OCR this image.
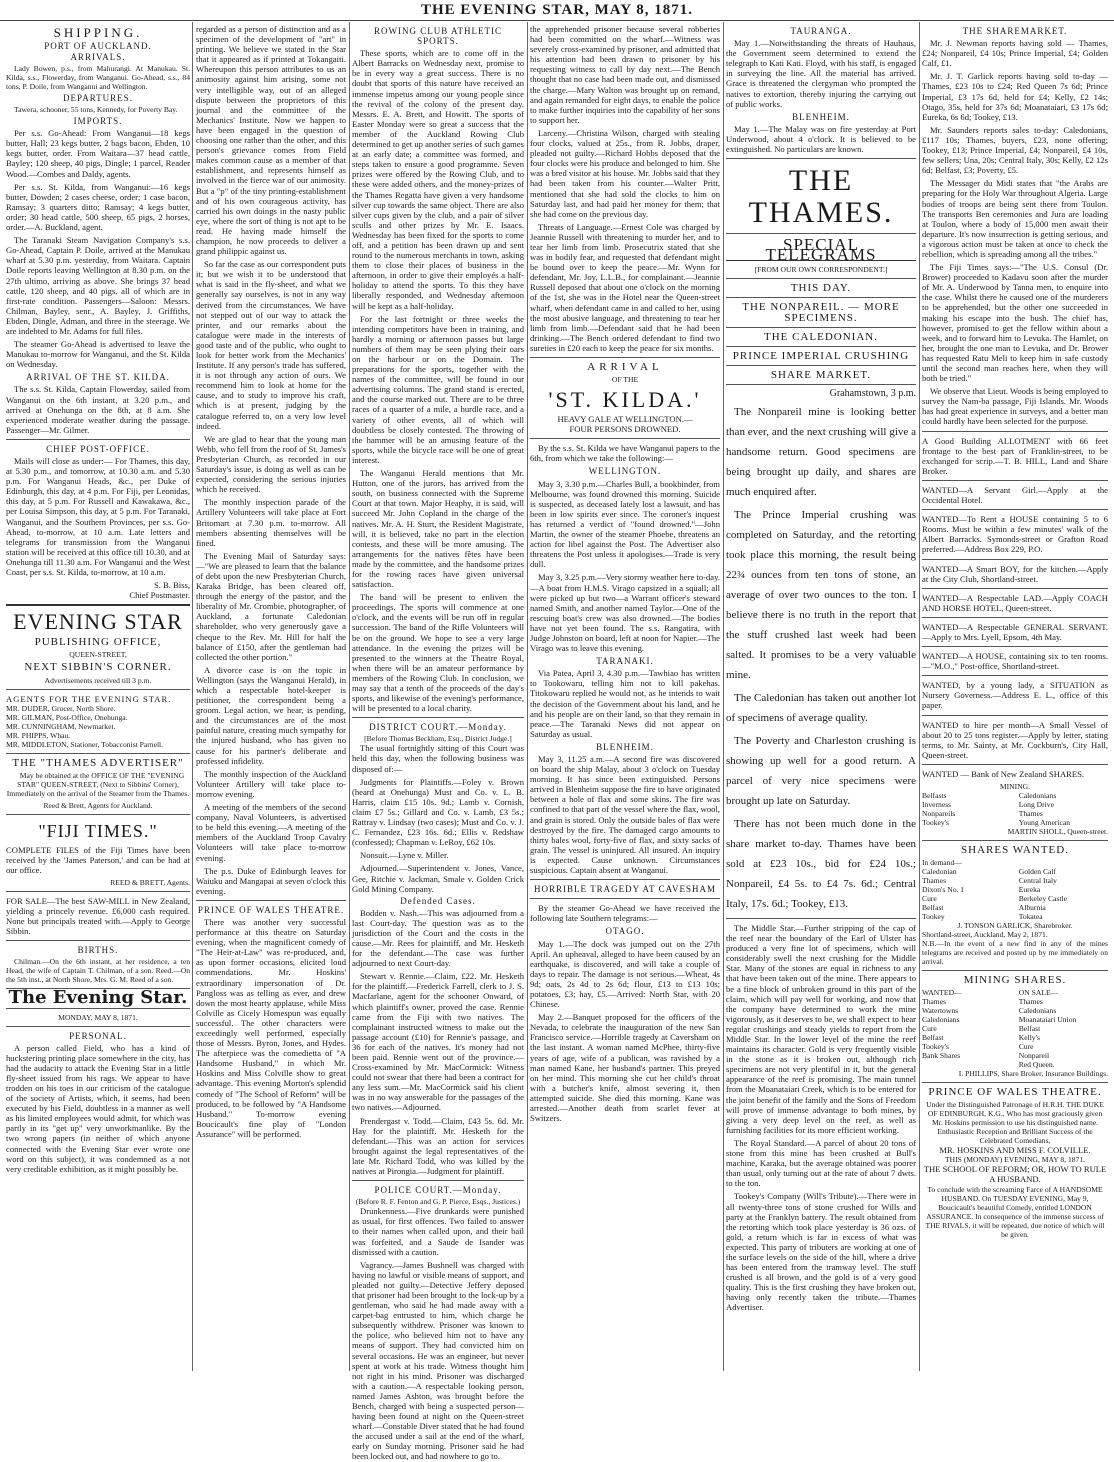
THE EVENING STAR, MAY 8, 1871.
SHIPPING.
PORT OF AUCKLAND.
ARRIVALS.

Lady Bowen, p.s., from Mahurangi. At Manukau. St. Kilda, s.s., Flowerday, from Wanganui. Go-Ahead, s.s., 84 tons, P. Doile, from Wanganui and Wellington.

DEPARTURES.

Tawera, schooner, 55 tons, Kennedy, for Poverty Bay.

IMPORTS.

Per s.s. Go-Ahead: From Wanganui—18 kegs butter, Hall; 23 kegs butter, 2 bags bacon, Ebden, 10 kegs butter, order. From Waitara—37 head cattle, Bayley; 120 sheep, 40 pigs, Dingle; 1 parcel, Reader Wood.—Combes and Daldy, agents.

Per s.s. St. Kilda, from Wanganui:—16 kegs butter, Dowden; 2 cases cheese, order; 1 case bacon, Ramsay; 3 quarters ditto; Ramsay; 4 kegs butter, order; 30 head cattle, 500 sheep, 65 pigs, 2 horses, order.—A. Buckland, agent.

The Taranaki Steam Navigation Company's s.s. Go-Ahead, Captain P. Doile, arrived at the Manukau wharf at 5.30 p.m. yesterday, from Waitara. Captain Doile reports leaving Wellington at 8.30 p.m. on the 27th ultimo, arriving as above. She brings 37 head cattle, 120 sheep, and 40 pigs, all of which are in first-rate condition. Passengers—Saloon: Messrs. Chilman, Bayley, senr., A. Bayley, J. Griffiths, Ebden, Dingle, Adman, and three in the steerage. We are indebted to Mr. Adams for full files.

The steamer Go-Ahead is advertised to leave the Manukau to-morrow for Wanganui, and the St. Kilda on Wednesday.

ARRIVAL OF THE ST. KILDA.

The s.s. St. Kilda, Captain Flowerday, sailed from Wanganui on the 6th instant, at 3.20 p.m., and arrived at Onehunga on the 8th, at 8 a.m. She experienced moderate weather during the passage. Passenger—Mr. Gilmer.

CHIEF POST-OFFICE.

Mails will close as under:— For Thames, this day, at 5.30 p.m., and tomorrow, at 10.30 a.m. and 5.30 p.m. For Wanganui Heads, &c., per Duke of Edinburgh, this day, at 4 p.m. For Fiji, per Leonidas, this day, at 5 p.m. For Russell and Kawakawa, &c., per Louisa Simpson, this day, at 5 p.m. For Taranaki, Wanganui, and the Southern Provinces, per s.s. Go-Ahead, to-morrow, at 10 a.m. Late letters and telegrams for transmission from the Wanganui station will be received at this office till 10.30, and at Onehunga till 11.30 a.m. For Wanganui and the West Coast, per s.s. St. Kilda, to-morrow, at 10 a.m.

S. B. Biss,
Chief Postmaster.
EVENING STAR
PUBLISHING OFFICE,
QUEEN-STREET,
NEXT SIBBIN'S CORNER.
Advertisements received till 3 p.m.
AGENTS FOR THE EVENING STAR.
MR. DUDER, Grocer, North Shore.
MR. GILMAN, Post-Office, Onehunga.
MR. CUNNINGHAM, Newmarket.
MR. PHIPPS, Whau.
MR. MIDDLETON, Stationer, Tobacconist Parnell.
THE "THAMES ADVERTISER"

May be obtained at the OFFICE OF THE "EVENING STAR" QUEEN-STREET, (Next to Sibbins' Corner), Immediately on the arrival of the Steamer from the Thames.

Reed & Brett, Agents for Auckland.
"FIJI TIMES."

COMPLETE FILES of the Fiji Times have been received by the 'James Paterson,' and can be had at our office.

REED & BRETT, Agents.

FOR SALE—The best SAW-MILL in New Zealand, yielding a princely revenue. £6,000 cash required. None but principals treated with.—Apply to George Sibbin.

BIRTHS.

Chilman.—On the 6th instant, at her residence, a ten Head, the wife of Captain T. Chilman, of a son. Reed.—On the 5th inst., at North Shore, Mrs. G. M. Reed of a son.

The Evening Star.
MONDAY, MAY 8, 1871.
PERSONAL.

A person called Field, who has a kind of huckstering printing place somewhere in the city, has had the audacity to attack the Evening Star in a little fly-sheet issued from his rags. We appear to have trodden on his toes in our criticism of the catalogue of the society of Artists, which, it seems, had been executed by his Field, doubtless in a manner as well as his limited employees would admit, for which was partly in its "get up" very unworkmanlike. By the two wrong papers (in neither of which anyone connected with the Evening Star ever wrote one word on this subject), it was condemned as a not very creditable exhibition, as it might possibly be.

regarded as a person of distinction and as a specimen of the development of "art" in printing. We believe we stated in the Star that it appeared as if printed at Tokangaiti. Whereupon this person attributes to us an animosity against him arising, some not very intelligible way, out of an alleged dispute between the proprietors of this journal and the committee of the Mechanics' Institute. Now we happen to have been engaged in the question of choosing one rather than the other, and this person's grievance comes from Field makes common cause as a member of that establishment, and represents himself as involved in the fierce war of our animosity. But a "p" of the tiny printing-establishment and of his own courageous activity, has carried his own doings in the nasty public eye, where the sort of thing is not apt to be read. He having made himself the champion, he now proceeds to deliver a grand philippic against us.

So far the case as our correspondent puts it; but we wish it to be understood that what is said in the fly-sheet, and what we generally say ourselves, is not in any way derived from the circumstances. We have not stepped out of our way to attack the printer, and our remarks about the catalogue were made in the interests of good taste and of the public, who ought to look for better work from the Mechanics' Institute. If any person's trade has suffered, it is not through any action of ours. We recommend him to look at home for the cause, and to study to improve his craft, which is at present, judging by the catalogue referred to, on a very low level indeed.

We are glad to hear that the young man Webb, who fell from the roof of St. James's Presbyterian Church, as recorded in our Saturday's issue, is doing as well as can be expected, considering the serious injuries which he received.

The monthly inspection parade of the Artillery Volunteers will take place at Fort Britomart at 7.30 p.m. to-morrow. All members absenting themselves will be fined.

The Evening Mail of Saturday says:—"We are pleased to learn that the balance of debt upon the new Presbyterian Church, Karaka Bridge, has been cleared off, through the energy of the pastor, and the liberality of Mr. Crombie, photographer, of Auckland, a fortunate Caledonian shareholder, who very generously gave a cheque to the Rev. Mr. Hill for half the balance of £150, after the gentleman had collected the other portion."

A divorce case is on the topic in Wellington (says the Wanganui Herald), in which a respectable hotel-keeper is petitioner, the correspondent being a groom. Legal action, we hear, is pending, and the circumstances are of the most painful nature, creating much sympathy for the injured husband, who has given no cause for his partner's deliberate and professed infidelity.

The monthly inspection of the Auckland Volunteer Artillery will take place to-morrow evening.

A meeting of the members of the second company, Naval Volunteers, is advertised to be held this evening.—A meeting of the members of the Auckland Troop Cavalry Volunteers will take place to-morrow evening.

The p.s. Duke of Edinburgh leaves for Waiuku and Mangapai at seven o'clock this evening.

PRINCE OF WALES THEATRE.

There was another very successful performance at this theatre on Saturday evening, when the magnificent comedy of "The Heir-at-Law" was re-produced, and, as upon former occasions, elicited loud commendations. Mr. Hoskins' extraordinary impersonation of Dr. Pangloss was as telling as ever, and drew down the most hearty applause, while Miss Colville as Cicely Homespun was equally successful. The other characters were exceedingly well performed, especially those of Messrs. Byron, Jones, and Hydes. The afterpiece was the comedietta of "A Handsome Husband," in which Mr. Hoskins and Miss Colville show to great advantage. This evening Morton's splendid comedy of "The School of Reform" will be produced, to be followed by "A Handsome Husband." To-morrow evening Boucicault's fine play of "London Assurance" will be performed.

ROWING CLUB ATHLETIC SPORTS.

These sports, which are to come off in the Albert Barracks on Wednesday next, promise to be in every way a great success. There is no doubt that sports of this nature have received an immense impetus among our young people since the revival of the colony of the present day. Messrs. E. A. Brett, and Howitt. The sports of Easter Monday were so great a success that the member of the Auckland Rowing Club determined to get up another series of such games at an early date; a committee was formed, and steps taken to ensure a good programme. Seven prizes were offered by the Rowing Club, and to these were added others, and the money-prizes of the Thames Regatta have given a very handsome silver cup towards the same object. There are also silver cups given by the club, and a pair of silver sculls and other prizes by Mr. E. Isaacs. Wednesday has been fixed for the sports to come off, and a petition has been drawn up and sent round to the numerous merchants in town, asking them to close their places of business in the afternoon, in order to give their employés a half-holiday to attend the sports. To this they have liberally responded, and Wednesday afternoon will be kept as a half-holiday.

For the last fortnight or three weeks the intending competitors have been in training, and hardly a morning or afternoon passes but large numbers of them may be seen plying their oars on the harbour or on the Domain. The preparations for the sports, together with the names of the committee, will be found in our advertising columns. The grand stand is erected, and the course marked out. There are to be three races of a quarter of a mile, a hurdle race, and a variety of other events, all of which will doubtless be closely contested. The throwing of the hammer will be an amusing feature of the sports, while the bicycle race will be one of great interest.

The Wanganui Herald mentions that Mr. Hutton, one of the jurors, has arrived from the south, on business connected with the Supreme Court at that town. Major Heaphy, it is said, will succeed Mr. John Copland in the charge of the natives. Mr. A. H. Sturt, the Resident Magistrate, will, it is believed, take no part in the election contests, and these will be more amusing. The arrangements for the natives fêtes have been made by the committee, and the handsome prizes for the rowing races have given universal satisfaction.

The band will be present to enliven the proceedings. The sports will commence at one o'clock, and the events will be run off in regular succession. The band of the Rifle Volunteers will be on the ground. We hope to see a very large attendance. In the evening the prizes will be presented to the winners at the Theatre Royal, when there will be an amateur performance by members of the Rowing Club. In conclusion, we may say that a tenth of the proceeds of the day's sports, and likewise of the evening's performance, will be presented to a local charity.

DISTRICT COURT.—Monday.
[Before Thomas Beckham, Esq., District Judge.]

The usual fortnightly sitting of this Court was held this day, when the following business was disposed of:—

Judgments for Plaintiffs.—Foley v. Brown (heard at Onehunga) Must and Co. v. L. B. Harris, claim £15 10s. 9d.; Lamb v. Cornish, claim £7 5s.; Gillard and Co. v. Lamb, £3 5s.; Rattray v. Lindsay (two cases); Must and Co. v. J. C. Fernandez, £23 16s. 6d.; Ellis v. Redshaw (confessed); Chapman v. LeRoy, £62 10s.

Nonsuit.—Lyne v. Miller.

Adjourned.—Superintendent v. Jones, Vance, Gee, Ritchie v. Jackman, Smale v. Golden Crick Gold Mining Company.

Defended Cases.

Bodden v. Nash.—This was adjourned from a last Court-day. The question was as to the jurisdiction of the Court and the costs in the cause.—Mr. Rees for plaintiff, and Mr. Hesketh for the defendant.—The case was further adjourned to next Court-day.

Stewart v. Rennie.—Claim, £22. Mr. Hesketh for the plaintiff.—Frederick Farrell, clerk to J. S. Macfarlane, agent for the schooner Onward, of which plaintiff's owner, proved the case. Rennie came from the Fiji with two natives. The complainant instructed witness to make out the passage account (£10) for Rennie's passage, and 36 for each of the natives. It's money had not been paid. Rennie went out of the province.—Cross-examined by Mr. MacCormick: Witness could not swear that there had been a contract for any less sum.—Mr. MacCormick said his client was in no way answerable for the passages of the two natives.—Adjourned.

Prendergast v. Todd.—Claim, £43 5s. 6d. Mr. Hay for the plaintiff. Mr. Hesketh for the defendant.—This was an action for services brought against the legal representatives of the late Mr. Richard Todd, who was killed by the natives at Pirongia.—Judgment for plaintiff.

POLICE COURT.—Monday.
(Before R. F. Fenton and G. P. Pierce, Esqs., Justices.)

Drunkenness.—Five drunkards were punished as usual, for first offences. Two failed to answer to their names when called upon, and their bail was forfeited, and a Saude de Isander was dismissed with a caution.

Vagrancy.—James Bushnell was charged with having no lawful or visible means of support, and pleaded not guilty.—Detective Jeffery deposed that prisoner had been brought to the lock-up by a gentleman, who said he had made away with a carpet-bag entrusted to him, which charge he subsequently withdrew. Prisoner was known to the police, who believed him not to have any means of support. They had convicted him on several occasions. He was an engineer, but never spent at work at his trade. Witness thought him not right in his mind. Prisoner was discharged with a caution.—A respectable looking person, named James Ashton, was brought before the Bench, charged with being a suspected person—having been found at night on the Queen-street wharf.—Constable Diver stated that he had found the accused under a sail at the end of the wharf, early on Sunday morning. Prisoner said he had been locked out, and had nowhere to go to.

the apprehended prisoner because several robberies had been committed on the wharf.—Witness was severely cross-examined by prisoner, and admitted that his attention had been drawn to prisoner by his requesting witness to call by day next.—The Bench thought that no case had been made out, and dismissed the charge.—Mary Walton was brought up on remand, and again remanded for eight days, to enable the police to make further inquiries into the capability of her sons to support her.

Larceny.—Christina Wilson, charged with stealing four clocks, valued at 25s., from R. Jobbs, draper, pleaded not guilty.—Richard Hobbs deposed that the four clocks were his produce and belonged to him. She was a bred visitor at his house. Mr. Jobbs said that they had been taken from his counter.—Walter Pritt, mentioned that she had sold the clocks to him on Saturday last, and had paid her money for them; that she had come on the previous day.

Threats of Language.—Ernest Cole was charged by Jeannie Russell with threatening to murder her, and to tear her limb from limb. Prosecutrix stated that she was in bodily fear, and requested that defendant might be bound over to keep the peace.—Mr. Wynn for defendant, Mr. Joy, L.L.B., for complainant.—Jeannie Russell deposed that about one o'clock on the morning of the 1st, she was in the Hotel near the Queen-street wharf, when defendant came in and called to her, using the most abusive language, and threatening to tear her limb from limb.—Defendant said that he had been drinking.—The Bench ordered defendant to find two sureties in £20 each to keep the peace for six months.

ARRIVAL
OF THE
'ST. KILDA.'
HEAVY GALE AT WELLINGTON.—
FOUR PERSONS DROWNED.

By the s.s. St. Kilda we have Wanganui papers to the 6th, from which we take the following:—

WELLINGTON.

May 3, 3.30 p.m.—Charles Bull, a bookbinder, from Melbourne, was found drowned this morning. Suicide is suspected, as deceased lately lost a lawsuit, and has been in low spirits ever since. The coroner's inquest has returned a verdict of "found drowned."—John Martin, the owner of the steamer Phoebe, threatens an action for libel against the Post. The Advertiser also threatens the Post unless it apologises.—Trade is very dull.

May 3, 3.25 p.m.—Very stormy weather here to-day.—A boat from H.M.S. Virago capsized in a squall; all were picked up but two—a Warrant officer's steward named Smith, and another named Taylor.—One of the rescuing boat's crew was also drowned.—The bodies have not yet been found. The s.s. Rangatira, with Judge Johnston on board, left at noon for Napier.—The Virago was to leave this evening.

TARANAKI.

Via Patea, April 3, 4.30 p.m.—Tawhiao has written to Tookowaru, telling him not to kill pakehas. Titokowaru replied he would not, as he intends to wait the decision of the Government about his land, and he and his people are on their land, so that they remain in peace.—The Taranaki News did not appear on Saturday as usual.

BLENHEIM.

May 3, 11.25 a.m.—A second fire was discovered on board the ship Malay, about 3 o'clock on Tuesday morning. It has since been extinguished. Persons arrived in Blenheim suppose the fire to have originated between a hole of flax and some skins. The fire was confined to that part of the vessel where the flax, wool, and grain is stored. Only the outside bales of flax were destroyed by the fire. The damaged cargo amounts to thirty bales wool, forty-five of flax, and sixty sacks of grain. The vessel is uninjured. All insured. An inquiry is expected. Cause unknown. Circumstances suspicious. Captain absent at Wanganui.

HORRIBLE TRAGEDY AT CAVESHAM

By the steamer Go-Ahead we have received the following late Southern telegrams:—

OTAGO.

May 1.—The dock was jumped out on the 27th April. An upheaval, alleged to have been caused by an earthquake, is discovered, and will take a couple of days to repair. The damage is not serious.—Wheat, 4s 9d; oats, 2s 4d to 2s 6d; flour, £13 to £13 10s; potatoes, £3; hay, £5.—Arrived: North Star, with 20 Chinese.

May 2.—Banquet proposed for the officers of the Nevada, to celebrate the inauguration of the new San Francisco service.—Horrible tragedy at Caversham on the last instant. A woman named McPhee, thirty-five years of age, wife of a publican, was ravished by a man named Kane, her husband's partner. This preyed on her mind. This morning she cut her child's throat with a butcher's knife, almost severing it, then attempted suicide. She died this morning. Kane was arrested.—Another death from scarlet fever at Switzers.

TAURANGA.

May 1.—Notwithstanding the threats of Hauhaus, the Government seem determined to extend the telegraph to Kati Kati. Floyd, with his staff, is engaged in surveying the line. All the material has arrived. Grace is threatened the clergyman who prompted the natives to extortion, thereby injuring the carrying out of public works.

BLENHEIM.

May 1.—The Malay was on fire yesterday at Port Underwood, about 4 o'clock. It is believed to be extinguished. No particulars are known.

THE THAMES.
SPECIAL TELEGRAMS
[FROM OUR OWN CORRESPONDENT.]
THIS DAY.
THE NONPAREIL. — MORE SPECIMENS.
THE CALEDONIAN.
PRINCE IMPERIAL CRUSHING
SHARE MARKET.
Grahamstown, 3 p.m.

The Nonpareil mine is looking better than ever, and the next crushing will give a handsome return. Good specimens are being brought up daily, and shares are much enquired after.

The Prince Imperial crushing was completed on Saturday, and the retorting took place this morning, the result being 22¾ ounces from ten tons of stone, an average of over two ounces to the ton. I believe there is no truth in the report that the stuff crushed last week had been salted. It promises to be a very valuable mine.

The Caledonian has taken out another lot of specimens of average quality.

The Poverty and Charleston crushing is showing up well for a good return. A parcel of very nice specimens were brought up late on Saturday.

There has not been much done in the share market to-day. Thames have been sold at £23 10s., bid for £24 10s.; Nonpareil, £4 5s. to £4 7s. 6d.; Central Italy, 17s. 6d.; Tookey, £13.

The Middle Star.—Further stripping of the cap of the reef near the boundary of the Earl of Ulster has produced a very fine lot of specimens, which will considerably swell the next crushing for the Middle Star. Many of the stones are equal in richness to any that have been taken out of the mine. There appears to be a fine block of unbroken ground in this part of the claim, which will pay well for working, and now that the company have determined to work the mine vigorously, as it deserves to be, we shall expect to hear regular crushings and steady yields to report from the Middle Star. In the lower level of the mine the reef maintains its character. Gold is very frequently visible in the stone as it is broken out, although rich specimens are not very plentiful in it, but the general appearance of the reef is promising. The main tunnel from the Moanataiari Creek, which is to be entered for the joint benefit of the family and the Sons of Freedom will prove of immense advantage to both mines, by giving a very deep level on the reef, as well as furnishing facilities for its more efficient working.

The Royal Standard.—A parcel of about 20 tons of stone from this mine has been crushed at Bull's machine, Karaka, but the average obtained was poorer than usual, only turning out at the rate of about 7 dwts. to the ton.

Tookey's Company (Will's Tribute).—There were in all twenty-three tons of stone crushed for Wills and party at the Franklyn battery. The result obtained from the retorting which took place yesterday is 36 ozs. of gold, a return which is far in excess of what was expected. This party of tributers are working at one of the surface levels on the side of the hill, where a drive has been entered from the tramway level. The stuff crushed is all brown, and the gold is of a very good quality. This is the first crushing they have broken out, having only recently taken the tribute.—Thames Advertiser.

THE SHAREMARKET.

Mr. J. Newman reports having sold — Thames, £24; Nonpareil, £4 10s; Prince Imperial, £4; Golden Calf, £1.

Mr. J. T. Garlick reports having sold to-day — Thames, £23 10s to £24; Red Queen 7s 6d; Prince Imperial, £3 17s 6d, held for £4; Kelly, £2 14s; Otago, 35s, held for 37s 6d; Moanataiari, £3 17s 6d; Eureka, 6s 6d; Tookey, £13.

Mr. Saunders reports sales to-day: Caledonians, £117 10s; Thames, buyers, £23, none offering; Tookey, £13; Prince Imperial, £4; Nonpareil, £4 10s, few sellers; Una, 20s; Central Italy, 30s; Kelly, £2 12s 6d; Belfast, £3; Poverty, £5.

The Messager du Midi states that "the Arabs are preparing for the Holy War throughout Algeria. Large bodies of troops are being sent there from Toulon. The transports Ben ceremonies and Jura are loading at Toulon, where a body of 15,000 men await their departure. It's now insurrection is getting serious, and a vigorous action must be taken at once to check the rebellion, which is spreading among all the tribes."

The Fiji Times says:—"The U.S. Consul (Dr. Brower) proceeded to Kadavu soon after the murder of Mr. A. Underwood by Tanna men, to enquire into the case. Whilst there he caused one of the murderers to be apprehended, but the other one succeeded in making his escape into the bush. The chief has, however, promised to get the fellow within about a week, and to forward him to Levuka. The Hamlet, on her, brought the one man to Levuka, and Dr. Brower has requested Ratu Meli to keep him in safe custody until the second man reaches here, when they will both be tried."

We observe that Lieut. Woods is being employed to survey the Nam-ba passage, Fiji Islands. Mr. Woods has had great experience in surveys, and a better man could hardly have been selected for the purpose.

A Good Building ALLOTMENT with 66 feet frontage to the best part of Franklin-street, to be exchanged for scrip.—T. B. HILL, Land and Share Broker.

WANTED—A Servant Girl.—Apply at the Occidental Hotel.

WANTED—To Rent a HOUSE containing 5 to 6 Rooms. Must be within a few minutes' walk of the Albert Barracks. Symonds-street or Grafton Road preferred.—Address Box 229, P.O.

WANTED—A Smart BOY, for the kitchen.—Apply at the City Club, Shortland-street.

WANTED—A Respectable LAD.—Apply COACH AND HORSE HOTEL, Queen-street.

WANTED—A Respectable GENERAL SERVANT.—Apply to Mrs. Lyell, Epsom, 4th May.

WANTED—A HOUSE, containing six to ten rooms.—"M.O.," Post-office, Shortland-street.

WANTED, by a young lady, a SITUATION as Nursery Governess.—Address E. L., office of this paper.

WANTED to hire per month—A Small Vessel of about 20 to 25 tons register.—Apply by letter, stating terms, to Mr. Sainty, at Mr. Cockburn's, City Hall, Queen-street.

WANTED — Bank of New Zealand SHARES.

MINING.
Belfasts
Inverness
Nonpareils
Tookey's
Caledonians
Long Drive
Thames
Young American
MARTIN SHOLL, Queen-street.
SHARES WANTED.
In demand—
Caledonian
Thames
Dixon's No. 1
Cure
Belfast
Tookey
Golden Calf
Central Italy
Eureka
Berkeley Castle
Alburnia
Tokatea
J. TONSON GARLICK, Sharebroker.
Shortland-street, Auckland, May 2, 1871.
N.B.—In the event of a new find in any of the mines telegrams are received and posted up by me immediately on arrival.
MINING SHARES.
WANTED—
Thames
Watertowns
Caledonians
Cure
Belfast
Tookey's
Bank Shares
ON SALE—
Thames
Caledonians
Moanataiari Union
Belfast
Kelly's
Cure
Nonpareil
Red Queen.
I. PHILLIPS, Share Broker, Insurance Buildings.
PRINCE OF WALES THEATRE.
Under the Distinguished Patronage of H.R.H. THE DUKE OF EDINBURGH, K.G., Who has most graciously given Mr. Hoskins permission to use his distinguished name.
Enthusiastic Reception and Brilliant Success of the Celebrated Comedians,
MR. HOSKINS AND MISS F. COLVILLE.
THIS (MONDAY) EVENING, MAY 8, 1871.
THE SCHOOL OF REFORM; OR, HOW TO RULE A HUSBAND.
To conclude with the screaming Farce of A HANDSOME HUSBAND. On TUESDAY EVENING, May 9, Boucicault's beautiful Comedy, entitled LONDON ASSURANCE. In consequence of the immense success of THE RIVALS, it will be repeated, due notice of which will be given.
